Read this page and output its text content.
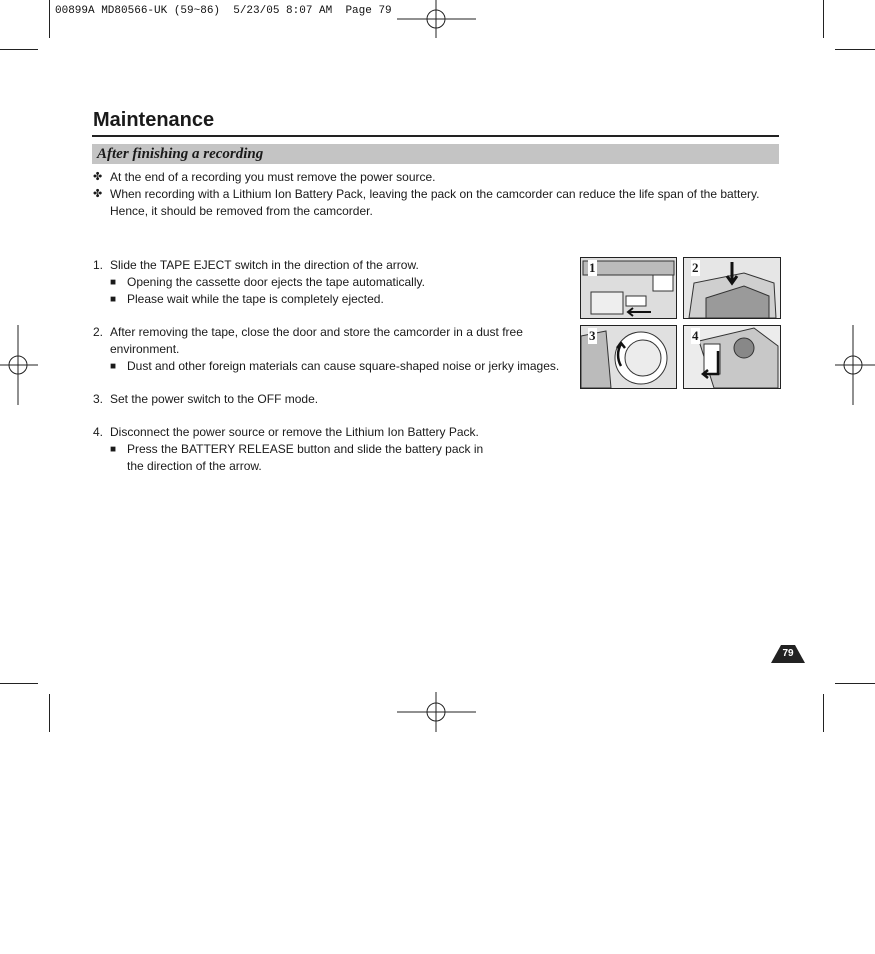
00899A MD80566-UK (59~86)  5/23/05 8:07 AM  Page 79
Maintenance
After finishing a recording
✤ At the end of a recording you must remove the power source.
✤ When recording with a Lithium Ion Battery Pack, leaving the pack on the camcorder can reduce the life span of the battery. Hence, it should be removed from the camcorder.
1. Slide the TAPE EJECT switch in the direction of the arrow.
■ Opening the cassette door ejects the tape automatically.
■ Please wait while the tape is completely ejected.
2. After removing the tape, close the door and store the camcorder in a dust free environment.
■ Dust and other foreign materials can cause square-shaped noise or jerky images.
3. Set the power switch to the OFF mode.
4. Disconnect the power source or remove the Lithium Ion Battery Pack.
■ Press the BATTERY RELEASE button and slide the battery pack in the direction of the arrow.
1	2
3	4
79
